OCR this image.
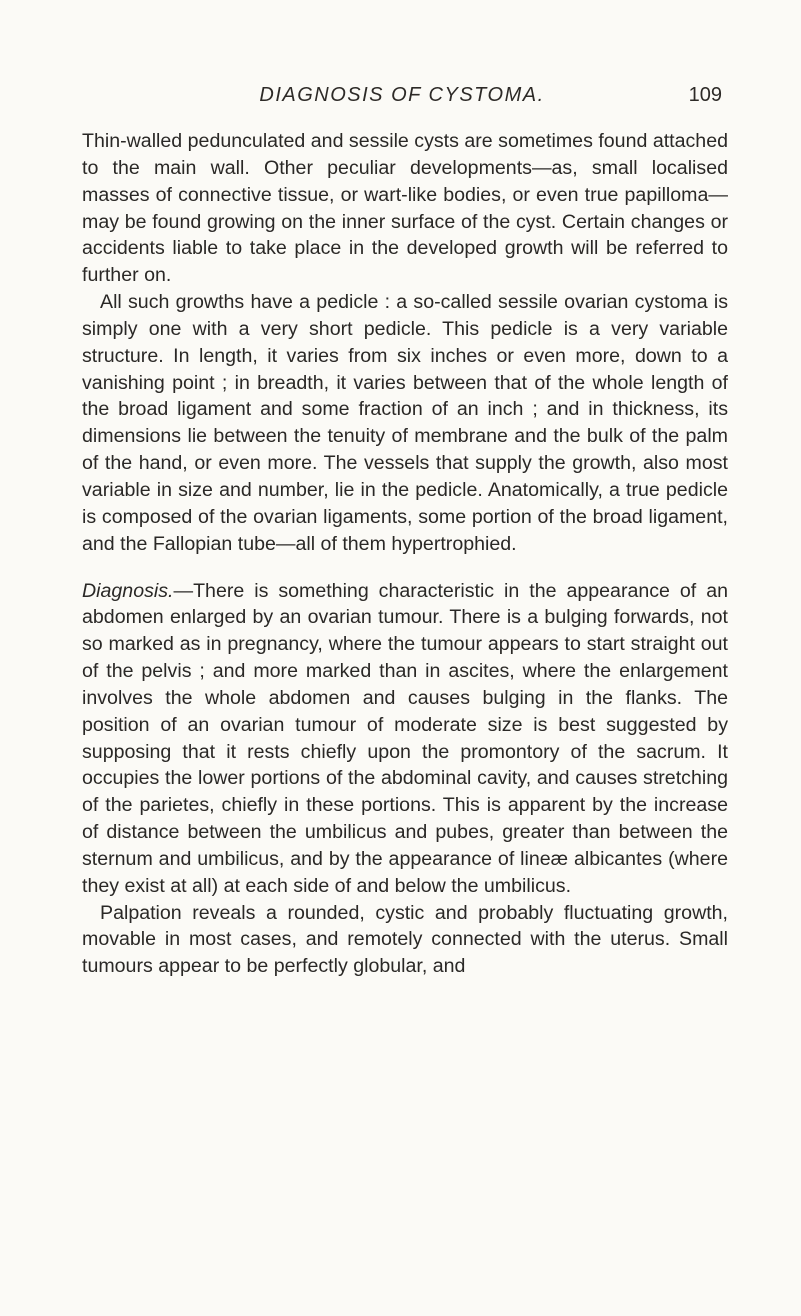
DIAGNOSIS OF CYSTOMA.	109

Thin-walled pedunculated and sessile cysts are sometimes found attached to the main wall. Other peculiar developments—as, small localised masses of connective tissue, or wart-like bodies, or even true papilloma—may be found growing on the inner surface of the cyst. Certain changes or accidents liable to take place in the developed growth will be referred to further on.

All such growths have a pedicle : a so-called sessile ovarian cystoma is simply one with a very short pedicle. This pedicle is a very variable structure. In length, it varies from six inches or even more, down to a vanishing point ; in breadth, it varies between that of the whole length of the broad ligament and some fraction of an inch ; and in thickness, its dimensions lie between the tenuity of membrane and the bulk of the palm of the hand, or even more. The vessels that supply the growth, also most variable in size and number, lie in the pedicle. Anatomically, a true pedicle is composed of the ovarian ligaments, some portion of the broad ligament, and the Fallopian tube—all of them hypertrophied.

Diagnosis.—There is something characteristic in the appearance of an abdomen enlarged by an ovarian tumour. There is a bulging forwards, not so marked as in pregnancy, where the tumour appears to start straight out of the pelvis ; and more marked than in ascites, where the enlargement involves the whole abdomen and causes bulging in the flanks. The position of an ovarian tumour of moderate size is best suggested by supposing that it rests chiefly upon the promontory of the sacrum. It occupies the lower portions of the abdominal cavity, and causes stretching of the parietes, chiefly in these portions. This is apparent by the increase of distance between the umbilicus and pubes, greater than between the sternum and umbilicus, and by the appearance of lineæ albicantes (where they exist at all) at each side of and below the umbilicus.

Palpation reveals a rounded, cystic and probably fluctuating growth, movable in most cases, and remotely connected with the uterus. Small tumours appear to be perfectly globular, and
